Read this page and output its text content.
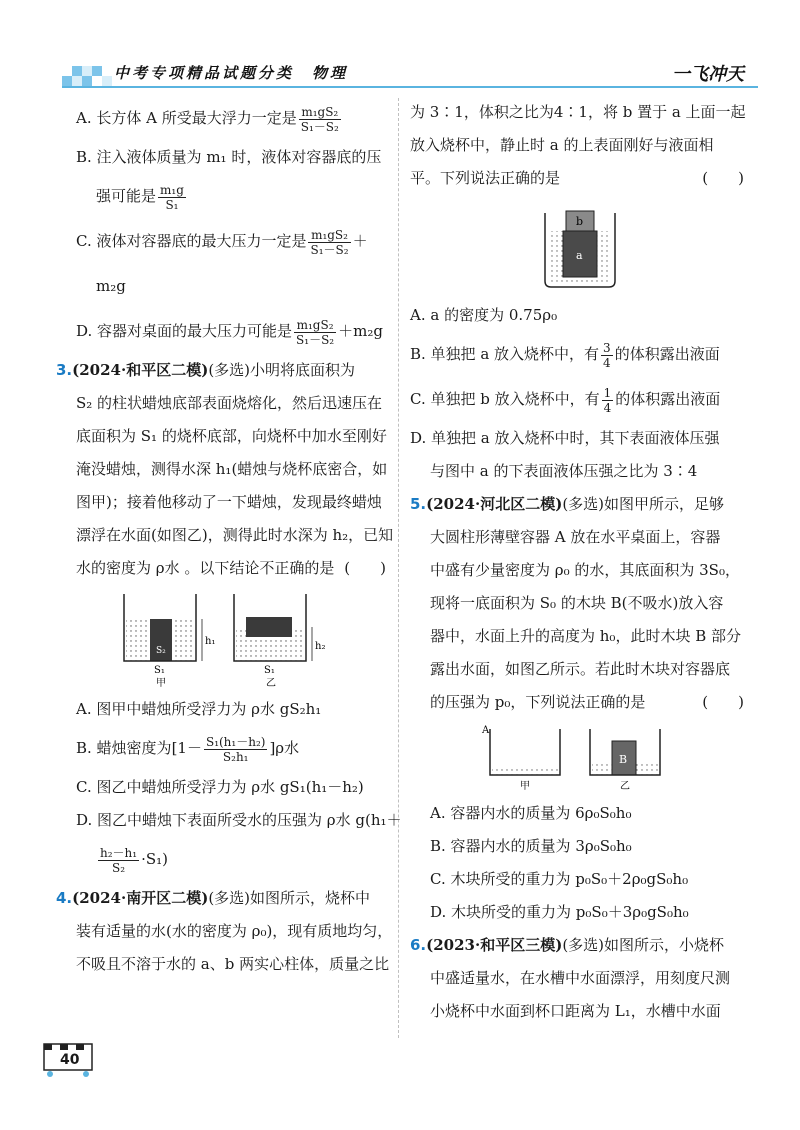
中考专项精品试题分类 物理	一飞冲天
A. 长方体 A 所受最大浮力一定是 $\frac{\text{m₁gS₂}}{\text{S₁－S₂}}$
B. 注入液体质量为 m₁ 时，液体对容器底的压
强可能是 $\frac{\text{m₁g}}{\text{S₁}}$
C. 液体对容器底的最大压力一定是 $\frac{\text{m₁gS₂}}{\text{S₁－S₂}}$ ＋
m₂g
D. 容器对桌面的最大压力可能是 $\frac{\text{m₁gS₂}}{\text{S₁－S₂}} +m_2g$
3.(2024·和平区二模)(多选)小明将底面积为
S₂ 的柱状蜡烛底部表面烧熔化，然后迅速压在
底面积为 S₁ 的烧杯底部，向烧杯中加水至刚好
淹没蜡烛，测得水深 h₁(蜡烛与烧杯底密合，如
图甲)；接着他移动了一下蜡烛，发现最终蜡烛
漂浮在水面(如图乙)，测得此时水深为 h₂，已知
水的密度为 ρ水 。以下结论不正确的是 (　　)
h₁
S₂
S₁
甲
h₂
S₁
乙
A. 图甲中蜡烛所受浮力为 ρ水 gS₂h₁
B. 蜡烛密度为$[1- \frac{\text{S₁(h₁－h₂)}}{\text{S₂h₁}} ]\rho$水
C. 图乙中蜡烛所受浮力为 ρ水 gS₁(h₁－h₂)
D. 图乙中蜡烛下表面所受水的压强为 ρ水 g(h₁＋
$\frac{\text{h₂－h₁}}{\text{S₂}} \cdot S_1$)
4.(2024·南开区二模)(多选)如图所示，烧杯中
装有适量的水(水的密度为 ρ₀)，现有质地均匀，
不吸且不溶于水的 a、b 两实心柱体，质量之比
为 3∶1，体积之比为4∶1，将 b 置于 a 上面一起
放入烧杯中，静止时 a 的上表面刚好与液面相
平。下列说法正确的是	(　　)
b
a
A. a 的密度为 0.75ρ₀
B. 单独把 a 放入烧杯中，有 $\frac{3}{4}$ 的体积露出液面
C. 单独把 b 放入烧杯中，有 $\frac{1}{4}$ 的体积露出液面
D. 单独把 a 放入烧杯中时，其下表面液体压强
与图中 a 的下表面液体压强之比为 3∶4
5.(2024·河北区二模)(多选)如图甲所示，足够
大圆柱形薄壁容器 A 放在水平桌面上，容器
中盛有少量密度为 ρ₀ 的水，其底面积为 3S₀，
现将一底面积为 S₀ 的木块 B(不吸水)放入容
器中，水面上升的高度为 h₀，此时木块 B 部分
露出水面，如图乙所示。若此时木块对容器底
的压强为 p₀，下列说法正确的是	(　　)
A
甲
B
乙
A. 容器内水的质量为 6ρ₀S₀h₀
B. 容器内水的质量为 3ρ₀S₀h₀
C. 木块所受的重力为 p₀S₀＋2ρ₀gS₀h₀
D. 木块所受的重力为 p₀S₀＋3ρ₀gS₀h₀
6.(2023·和平区三模)(多选)如图所示，小烧杯
中盛适量水，在水槽中水面漂浮，用刻度尺测
小烧杯中水面到杯口距离为 L₁，水槽中水面
40
